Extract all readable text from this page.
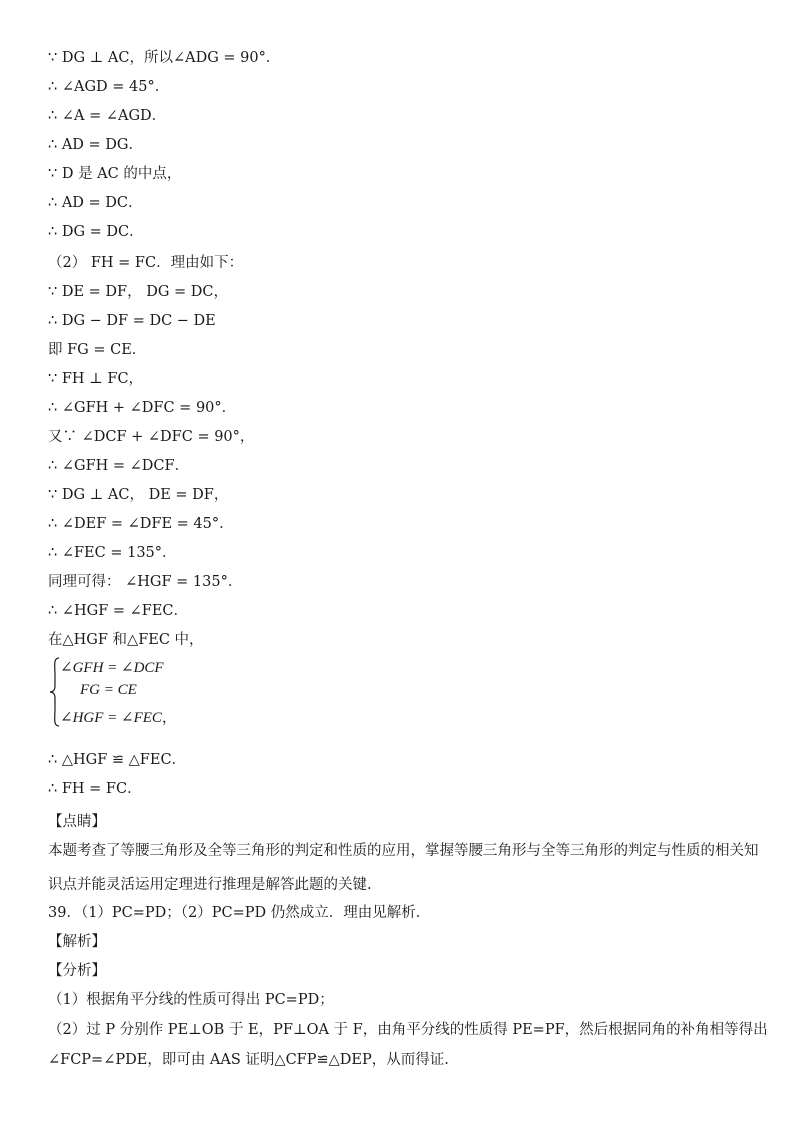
∵ DG ⊥ AC，所以∠ADG = 90°．
∴ ∠AGD = 45°．
∴ ∠A = ∠AGD．
∴ AD = DG．
∵ D 是 AC 的中点，
∴ AD = DC．
∴ DG = DC．
（2） FH = FC．理由如下：
∵ DE = DF， DG = DC，
∴ DG − DF = DC − DE
即 FG = CE．
∵ FH ⊥ FC，
∴ ∠GFH + ∠DFC = 90°．
又∵ ∠DCF + ∠DFC = 90°，
∴ ∠GFH = ∠DCF．
∵ DG ⊥ AC， DE = DF，
∴ ∠DEF = ∠DFE = 45°．
∴ ∠FEC = 135°．
同理可得： ∠HGF = 135°．
∴ ∠HGF = ∠FEC．
在△HGF 和△FEC 中，
∠GFH = ∠DCF
FG = CE
∠HGF = ∠FEC，
∴ △HGF ≌ △FEC．
∴ FH = FC．
【点睛】
本题考查了等腰三角形及全等三角形的判定和性质的应用，掌握等腰三角形与全等三角形的判定与性质的相关知识点并能灵活运用定理进行推理是解答此题的关键.
39．（1）PC=PD；（2）PC=PD 仍然成立．理由见解析．
【解析】
【分析】
（1）根据角平分线的性质可得出 PC=PD；
（2）过 P 分别作 PE⊥OB 于 E，PF⊥OA 于 F，由角平分线的性质得 PE=PF，然后根据同角的补角相等得出
∠FCP=∠PDE，即可由 AAS 证明△CFP≌△DEP，从而得证.
